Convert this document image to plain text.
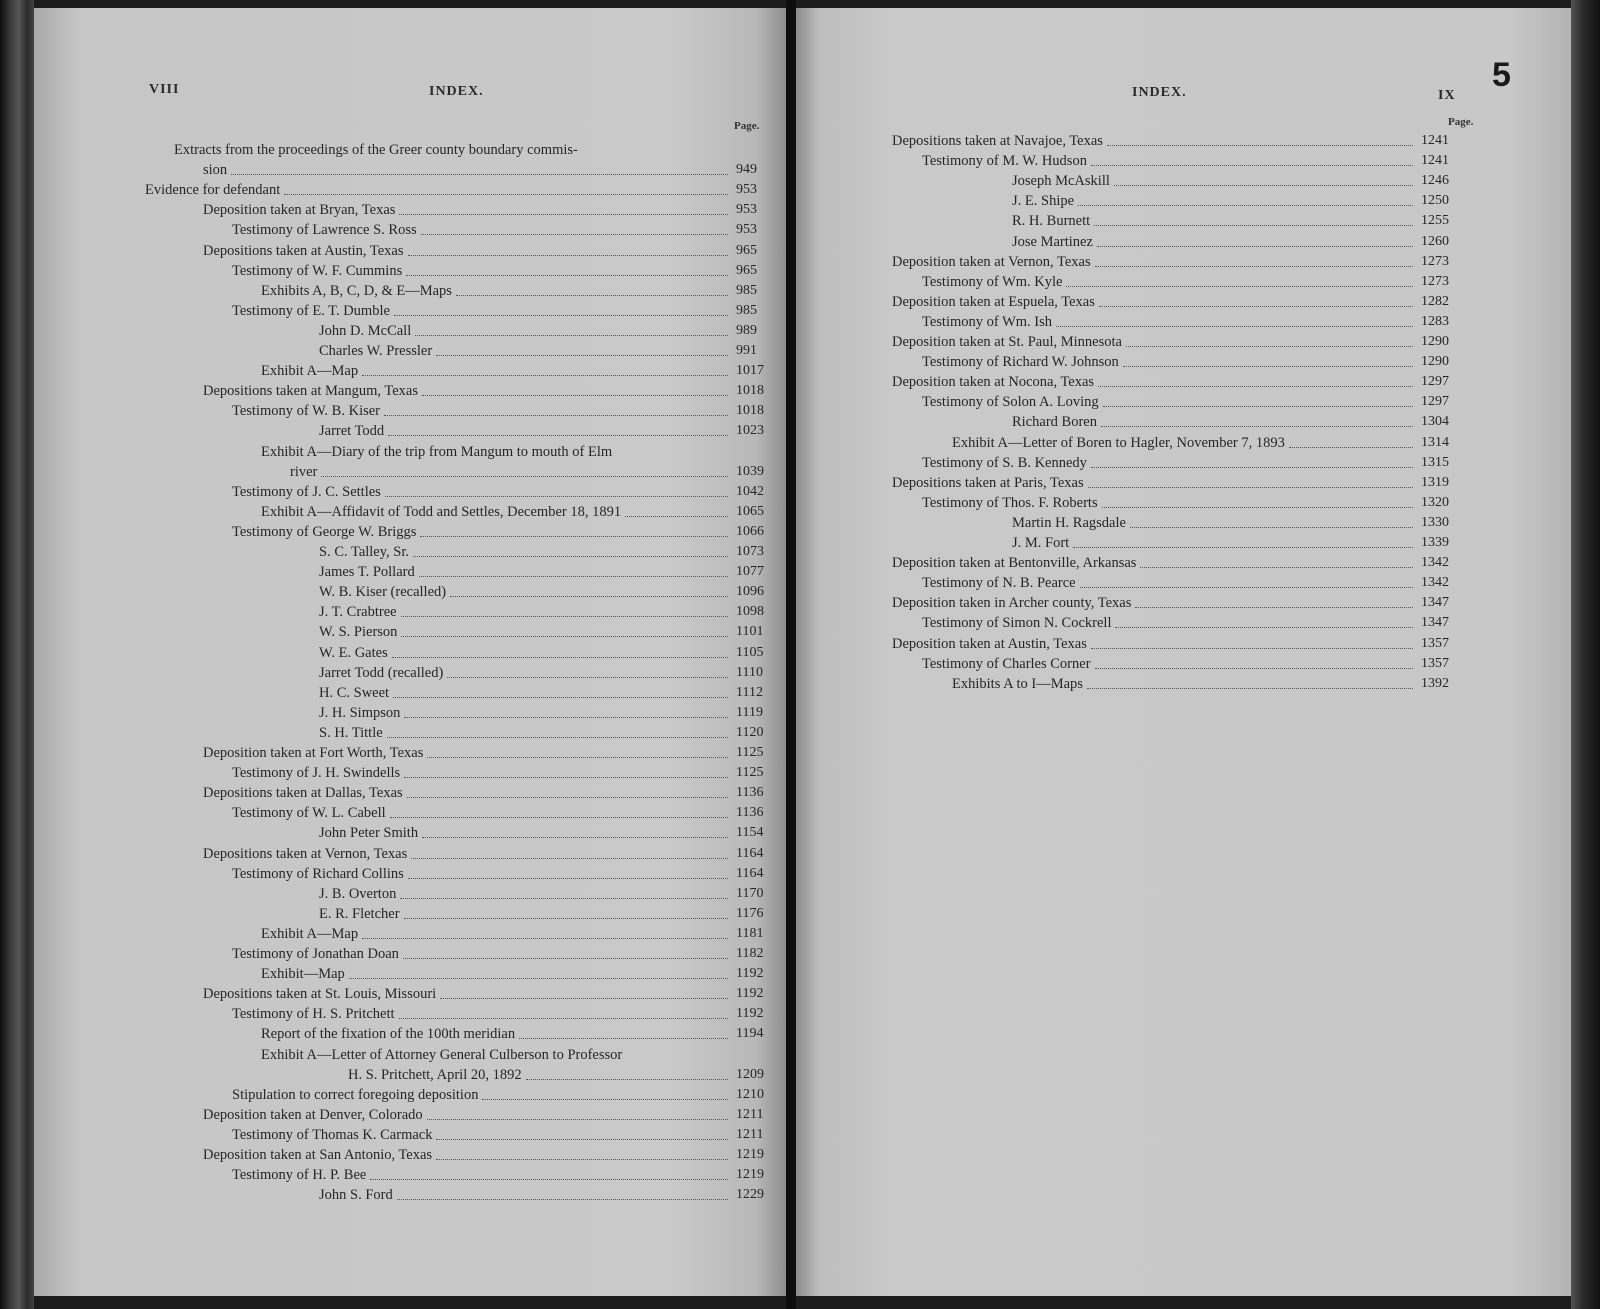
VIII	INDEX.
Page.
Extracts from the proceedings of the Greer county boundary commis-
sion	949
Evidence for defendant	953
Deposition taken at Bryan, Texas	953
Testimony of Lawrence S. Ross	953
Depositions taken at Austin, Texas	965
Testimony of W. F. Cummins	965
Exhibits A, B, C, D, & E—Maps	985
Testimony of E. T. Dumble	985
John D. McCall	989
Charles W. Pressler	991
Exhibit A—Map	1017
Depositions taken at Mangum, Texas	1018
Testimony of W. B. Kiser	1018
Jarret Todd	1023
Exhibit A—Diary of the trip from Mangum to mouth of Elm
river	1039
Testimony of J. C. Settles	1042
Exhibit A—Affidavit of Todd and Settles, December 18, 1891	1065
Testimony of George W. Briggs	1066
S. C. Talley, Sr.	1073
James T. Pollard	1077
W. B. Kiser (recalled)	1096
J. T. Crabtree	1098
W. S. Pierson	1101
W. E. Gates	1105
Jarret Todd (recalled)	1110
H. C. Sweet	1112
J. H. Simpson	1119
S. H. Tittle	1120
Deposition taken at Fort Worth, Texas	1125
Testimony of J. H. Swindells	1125
Depositions taken at Dallas, Texas	1136
Testimony of W. L. Cabell	1136
John Peter Smith	1154
Depositions taken at Vernon, Texas	1164
Testimony of Richard Collins	1164
J. B. Overton	1170
E. R. Fletcher	1176
Exhibit A—Map	1181
Testimony of Jonathan Doan	1182
Exhibit—Map	1192
Depositions taken at St. Louis, Missouri	1192
Testimony of H. S. Pritchett	1192
Report of the fixation of the 100th meridian	1194
Exhibit A—Letter of Attorney General Culberson to Professor
H. S. Pritchett, April 20, 1892	1209
Stipulation to correct foregoing deposition	1210
Deposition taken at Denver, Colorado	1211
Testimony of Thomas K. Carmack	1211
Deposition taken at San Antonio, Texas	1219
Testimony of H. P. Bee	1219
John S. Ford	1229
INDEX.	IX
5
Page.
Depositions taken at Navajoe, Texas	1241
Testimony of M. W. Hudson	1241
Joseph McAskill	1246
J. E. Shipe	1250
R. H. Burnett	1255
Jose Martinez	1260
Deposition taken at Vernon, Texas	1273
Testimony of Wm. Kyle	1273
Deposition taken at Espuela, Texas	1282
Testimony of Wm. Ish	1283
Deposition taken at St. Paul, Minnesota	1290
Testimony of Richard W. Johnson	1290
Deposition taken at Nocona, Texas	1297
Testimony of Solon A. Loving	1297
Richard Boren	1304
Exhibit A—Letter of Boren to Hagler, November 7, 1893	1314
Testimony of S. B. Kennedy	1315
Depositions taken at Paris, Texas	1319
Testimony of Thos. F. Roberts	1320
Martin H. Ragsdale	1330
J. M. Fort	1339
Deposition taken at Bentonville, Arkansas	1342
Testimony of N. B. Pearce	1342
Deposition taken in Archer county, Texas	1347
Testimony of Simon N. Cockrell	1347
Deposition taken at Austin, Texas	1357
Testimony of Charles Corner	1357
Exhibits A to I—Maps	1392
